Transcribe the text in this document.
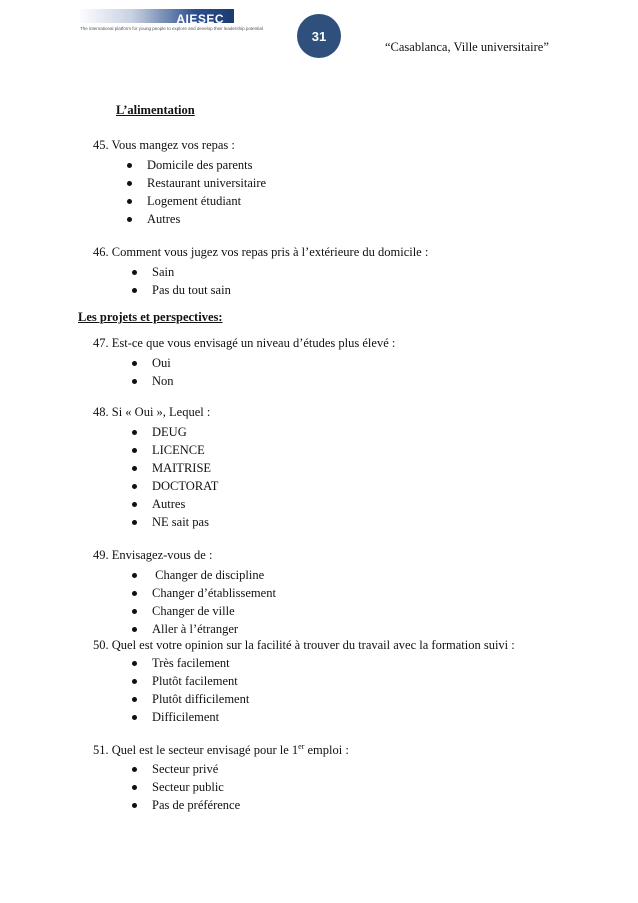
AIESEC
The international platform for young people to explore and develop their leadership potential	31
“Casablanca, Ville universitaire”
L’alimentation
45. Vous mangez vos repas :
Domicile des parents
Restaurant universitaire
Logement étudiant
Autres
46. Comment vous jugez vos repas pris à l’extérieure du domicile :
Sain
Pas du tout sain
Les projets et perspectives:
47. Est-ce que vous envisagé un niveau d’études plus élevé :
Oui
Non
48. Si « Oui », Lequel :
DEUG
LICENCE
MAITRISE
DOCTORAT
Autres
NE sait pas
49. Envisagez-vous de :
Changer de discipline
Changer d’établissement
Changer de ville
Aller à l’étranger
50. Quel est votre opinion sur la facilité à trouver du travail avec la formation suivi :
Très facilement
Plutôt facilement
Plutôt difficilement
Difficilement
51. Quel est le secteur envisagé pour le 1er emploi :
Secteur privé
Secteur public
Pas de préférence
